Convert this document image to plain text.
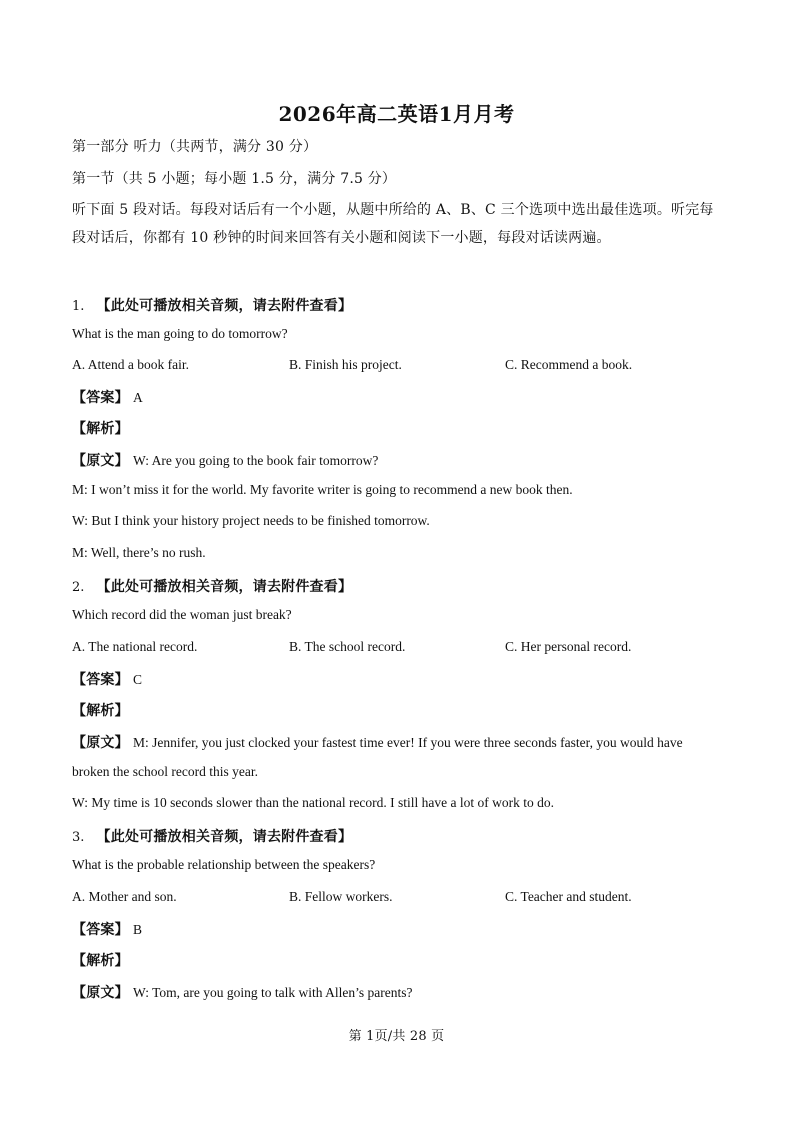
2026年高二英语1月月考
第一部分 听力（共两节，满分 30 分）
第一节（共 5 小题；每小题 1.5 分，满分 7.5 分）
听下面 5 段对话。每段对话后有一个小题，从题中所给的 A、B、C 三个选项中选出最佳选项。听完每段对话后，你都有 10 秒钟的时间来回答有关小题和阅读下一小题，每段对话读两遍。
1. 【此处可播放相关音频，请去附件查看】
What is the man going to do tomorrow?
A. Attend a book fair.	B. Finish his project.	C. Recommend a book.
【答案】 A
【解析】
【原文】 W: Are you going to the book fair tomorrow?
M: I won’t miss it for the world. My favorite writer is going to recommend a new book then.
W: But I think your history project needs to be finished tomorrow.
M: Well, there’s no rush.
2. 【此处可播放相关音频，请去附件查看】
Which record did the woman just break?
A. The national record.	B. The school record.	C. Her personal record.
【答案】 C
【解析】
【原文】 M: Jennifer, you just clocked your fastest time ever! If you were three seconds faster, you would have
broken the school record this year.
W: My time is 10 seconds slower than the national record. I still have a lot of work to do.
3. 【此处可播放相关音频，请去附件查看】
What is the probable relationship between the speakers?
A. Mother and son.	B. Fellow workers.	C. Teacher and student.
【答案】 B
【解析】
【原文】 W: Tom, are you going to talk with Allen’s parents?
第 1页/共 28 页
